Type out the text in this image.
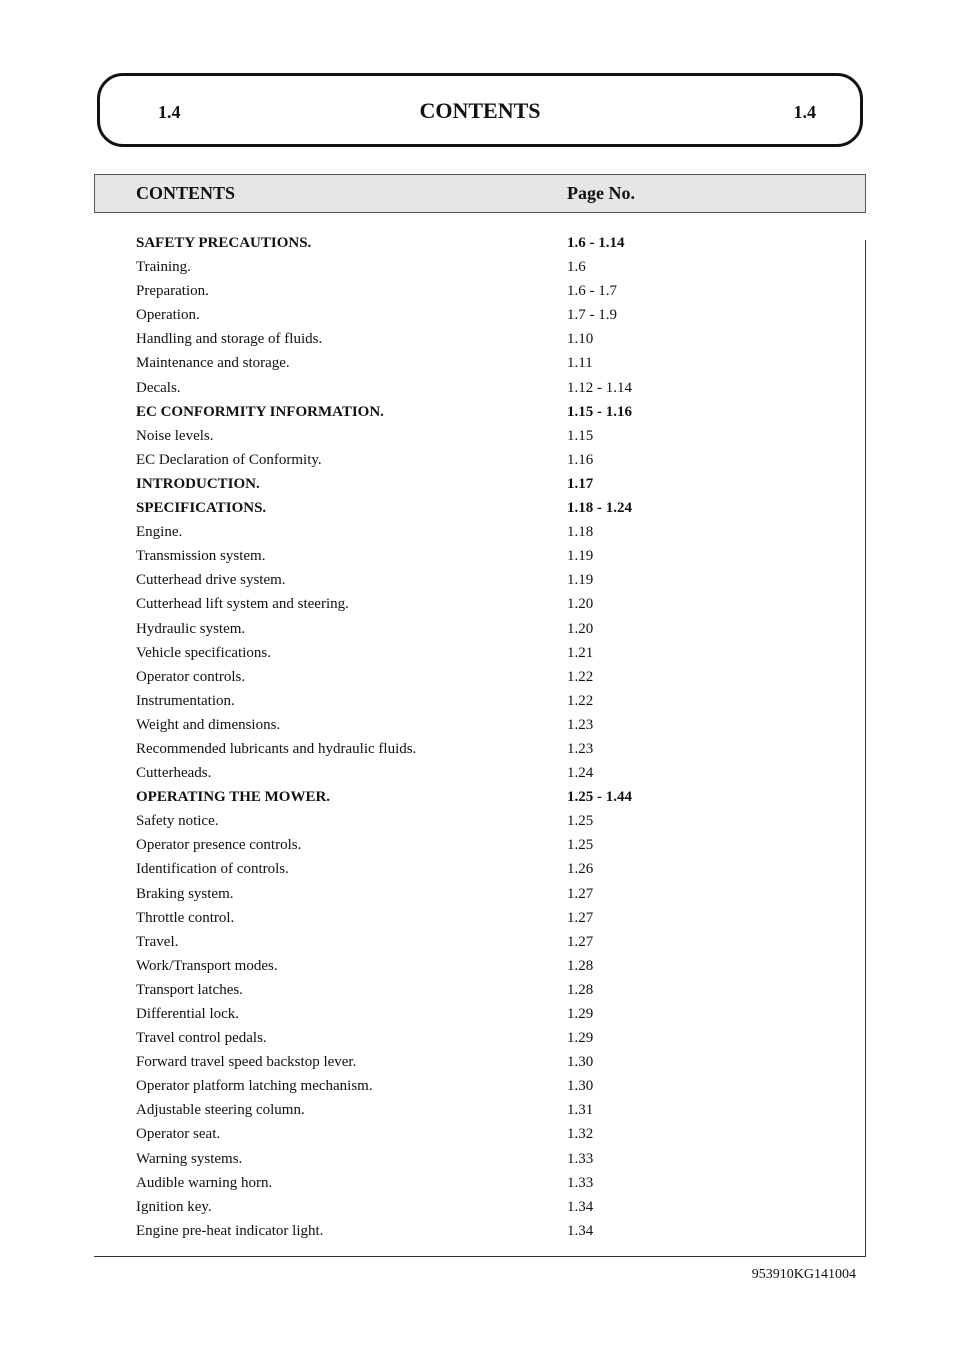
1.4	CONTENTS	1.4
CONTENTS	Page No.
SAFETY PRECAUTIONS.	1.6 - 1.14
Training.	1.6
Preparation.	1.6 - 1.7
Operation.	1.7 - 1.9
Handling and storage of fluids.	1.10
Maintenance and storage.	1.11
Decals.	1.12 - 1.14
EC CONFORMITY INFORMATION.	1.15 - 1.16
Noise levels.	1.15
EC Declaration of Conformity.	1.16
INTRODUCTION.	1.17
SPECIFICATIONS.	1.18 - 1.24
Engine.	1.18
Transmission system.	1.19
Cutterhead drive system.	1.19
Cutterhead lift system and steering.	1.20
Hydraulic system.	1.20
Vehicle specifications.	1.21
Operator controls.	1.22
Instrumentation.	1.22
Weight and dimensions.	1.23
Recommended lubricants and hydraulic fluids.	1.23
Cutterheads.	1.24
OPERATING THE MOWER.	1.25 - 1.44
Safety notice.	1.25
Operator presence controls.	1.25
Identification of controls.	1.26
Braking system.	1.27
Throttle control.	1.27
Travel.	1.27
Work/Transport modes.	1.28
Transport latches.	1.28
Differential lock.	1.29
Travel control pedals.	1.29
Forward travel speed backstop lever.	1.30
Operator platform latching mechanism.	1.30
Adjustable steering column.	1.31
Operator seat.	1.32
Warning systems.	1.33
Audible warning horn.	1.33
Ignition key.	1.34
Engine pre-heat indicator light.	1.34
953910KG141004
